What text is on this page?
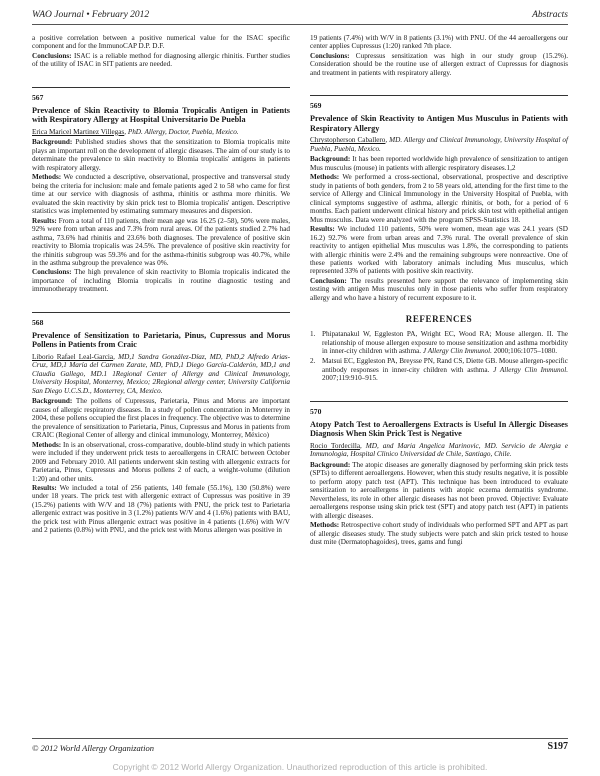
WAO Journal • February 2012	Abstracts

a positive correlation between a positive numerical value for the ISAC specific component and for the ImmunoCAP D.P. D.F.

Conclusions: ISAC is a reliable method for diagnosing allergic rhinitis. Further studies of the utility of ISAC in SIT patients are needed.

567
Prevalence of Skin Reactivity to Blomia Tropicalis Antigen in Patients with Respiratory Allergy at Hospital Universitario De Puebla
Erica Maricel Martinez Villegas, PhD. Allergy, Doctor, Puebla, Mexico.

Background: Published studies shows that the sensitization to Blomia tropicalis mite plays an important roll on the development of allergic diseases. The aim of our study is to determinate the prevalence to skin reactivity to Blomia tropicalis' antigens in patients with respiratory allergy.

Methods: We conducted a descriptive, observational, prospective and transversal study being the criteria for inclusion: male and female patients aged 2 to 58 who came for first time at our service with diagnosis of asthma, rhinitis or asthma more rhinitis. We evaluated the skin reactivity by skin prick test to Blomia tropicalis' antigen. Descriptive statistics was implemented by estimating summary measures and dispersion.

Results: From a total of 110 patients, their mean age was 16.25 (2–58), 50% were males, 92% were from urban areas and 7.3% from rural areas. Of the patients studied 2.7% had asthma, 73.6% had rhinitis and 23.6% both diagnoses. The prevalence of positive skin reactivity to Blomia tropicalis was 24.5%. The prevalence of positive skin reactivity for the rhinitis subgroup was 59.3% and for the asthma-rhinitis subgroup was 40.7%, while in the asthma subgroup the prevalence was 0%.

Conclusions: The high prevalence of skin reactivity to Blomia tropicalis indicated the importance of including Blomia tropicalis in routine diagnostic testing and immunotherapy treatment.

568
Prevalence of Sensitization to Parietaria, Pinus, Cupressus and Morus Pollens in Patients from Craic
Liborio Rafael Leal-Garcia, MD,1 Sandra González-Díaz, MD, PhD,2 Alfredo Arias-Cruz, MD,1 María del Carmen Zarate, MD, PhD,1 Diego García-Calderón, MD,1 and Claudia Gallego, MD.1 1Regional Center of Allergy and Clinical Immunology, University Hospital, Monterrey, Mexico; 2Regional allergy center, University California San Diego U.C.S.D., Monterrey, CA, Mexico.

Background: The pollens of Cupressus, Parietaria, Pinus and Morus are important causes of allergic respiratory diseases. In a study of pollen concentration in Monterrey in 2004, these pollens occupied the first places in frequency. The objective was to determine the prevalence of sensitization to Parietaria, Pinus, Cupressus and Morus in patients from CRAIC (Regional Center of allergy and clinical immunology, Monterrey, México)

Methods: In is an observational, cross-comparative, double-blind study in which patients were included if they underwent prick tests to aeroallergens in CRAIC between October 2009 and February 2010. All patients underwent skin testing with allergenic extracts for Parietaria, Pinus, Cupressus and Morus pollens 2 of each, a weight-volume (dilution 1:20) and other units.

Results: We included a total of 256 patients, 140 female (55.1%), 130 (50.8%) were under 18 years. The prick test with allergenic extract of Cupressus was positive in 39 (15.2%) patients with W/V and 18 (7%) patients with PNU, the prick test to Parietaria allergenic extract was positive in 3 (1.2%) patients W/V and 4 (1.6%) patients with BAU, the prick test with Pinus allergenic extract was positive in 4 patients (1.6%) with W/V and 2 patients (0.8%) with PNU, and the prick test with Morus allergen was positive in

19 patients (7.4%) with W/V in 8 patients (3.1%) with PNU. Of the 44 aeroallergens our center applies Cupressus (1:20) ranked 7th place.

Conclusions: Cupressus sensitization was high in our study group (15.2%). Consideration should be the routine use of allergen extract of Cupressus for diagnosis and treatment in patients with respiratory allergy.

569
Prevalence of Skin Reactivity to Antigen Mus Musculus in Patients with Respiratory Allergy
Chrystopherson Caballero, MD. Allergy and Clinical Immunology, University Hospital of Puebla, Puebla, Mexico.

Background: It has been reported worldwide high prevalence of sensitization to antigen Mus musculus (mouse) in patients with allergic respiratory diseases.1,2

Methods: We performed a cross-sectional, observational, prospective and descriptive study in patients of both genders, from 2 to 58 years old, attending for the first time to the service of Allergy and Clinical Immunology in the University Hospital of Puebla, with clinical symptoms suggestive of asthma, allergic rhinitis, or both, for a period of 6 months. Each patient underwent clinical history and prick skin test with epithelial antigen Mus musculus. Data were analyzed with the program SPSS-Statistics 18.

Results: We included 110 patients, 50% were women, mean age was 24.1 years (SD 16.2) 92.7% were from urban areas and 7.3% rural. The overall prevalence of skin reactivity to antigen epithelial Mus musculus was 1.8%, the corresponding to patients with allergic rhinitis were 2.4% and the remaining subgroups were nonreactive. One of these patients worked with laboratory animals including Mus musculus, which represented 33% of patients with positive skin reactivity.

Conclusion: The results presented here support the relevance of implementing skin testing with antigen Mus musculus only in those patients who suffer from respiratory allergy and who have a history of recurrent exposure to it.

REFERENCES
1. Phipatanakul W, Eggleston PA, Wright EC, Wood RA; Mouse allergen. II. The relationship of mouse allergen exposure to mouse sensitization and asthma morbidity in inner-city children with asthma. J Allergy Clin Immunol. 2000;106:1075–1080.
2. Matsui EC, Eggleston PA, Breysse PN, Rand CS, Diette GB. Mouse allergen-specific antibody responses in inner-city children with asthma. J Allergy Clin Immunol. 2007;119:910–915.
570
Atopy Patch Test to Aeroallergens Extracts is Useful In Allergic Diseases Diagnosis When Skin Prick Test is Negative
Rocio Tordecilla, MD, and Maria Angelica Marinovic, MD. Servicio de Alergia e Inmunologia, Hospital Clinico Universidad de Chile, Santiago, Chile.

Background: The atopic diseases are generally diagnosed by performing skin prick tests (SPTs) to different aeroallergens. However, when this study results negative, it is possible to perform atopy patch test (APT). This technique has been introduced to evaluate sensitization to aeroallergens in patients with atopic eczema dermatitis syndrome. Nevertheless, its role in other allergic diseases has not been proved. Objective: Evaluate aeroallergens response using skin prick test (SPT) and atopy patch test (APT) in patients with allergic diseases.

Methods: Retrospective cohort study of individuals who performed SPT and APT as part of allergic diseases study. The study subjects were patch and skin prick tested to house dust mite (Dermatophagoides), trees, gams and fungi

© 2012 World Allergy Organization	S197
Copyright © 2012 World Allergy Organization. Unauthorized reproduction of this article is prohibited.
